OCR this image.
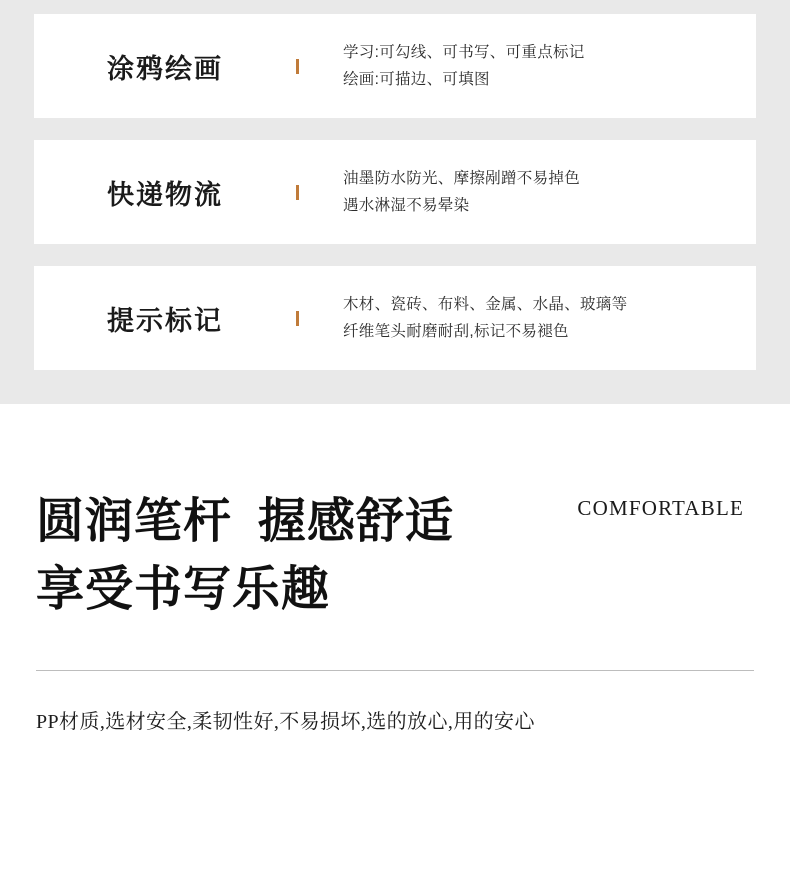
涂鸦绘画
学习:可勾线、可书写、可重点标记
绘画:可描边、可填图
快递物流
油墨防水防光、摩擦剐蹭不易掉色
遇水淋湿不易晕染
提示标记
木材、瓷砖、布料、金属、水晶、玻璃等
纤维笔头耐磨耐刮,标记不易褪色
COMFORTABLE
圆润笔杆 握感舒适
享受书写乐趣
PP材质,选材安全,柔韧性好,不易损坏,选的放心,用的安心
